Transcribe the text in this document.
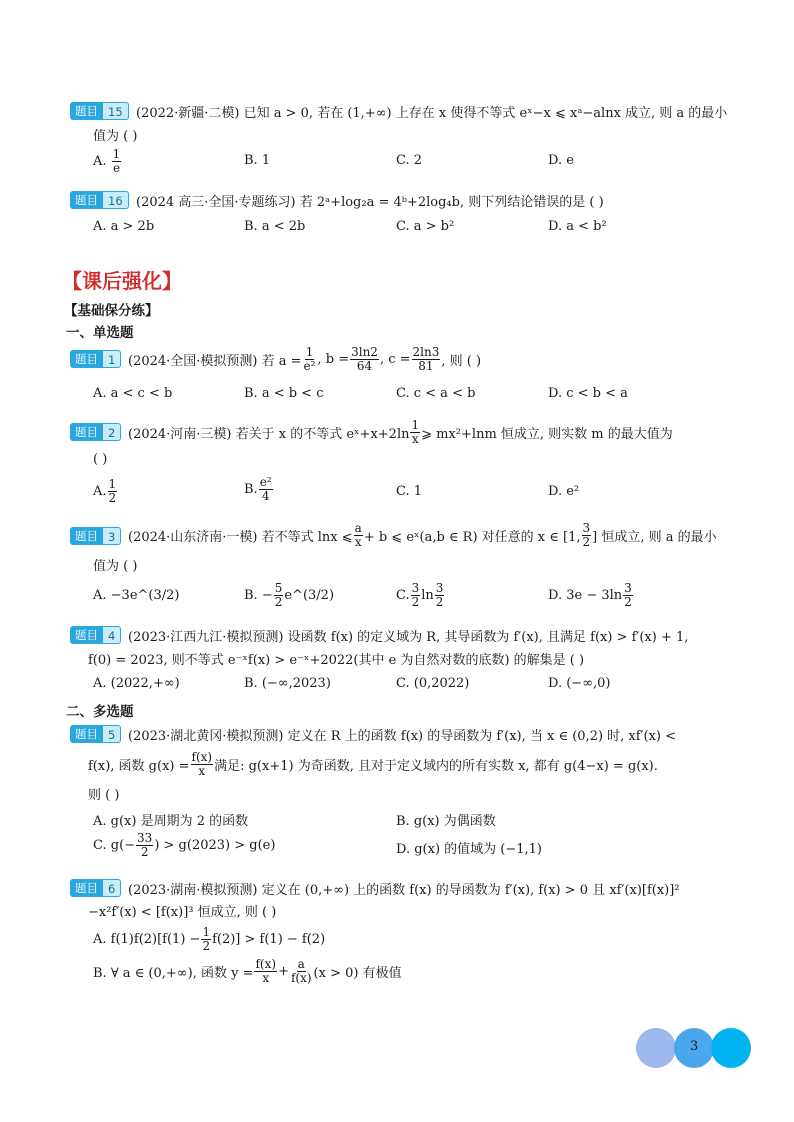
题目 15	(2022·新疆·二模) 已知 a > 0, 若在 (1,+∞) 上存在 x 使得不等式 eˣ−x ⩽ xᵃ−alnx 成立, 则 a 的最小
值为 ( )
A. $\frac{1}{e}$	B. 1	C. 2	D. e
题目 16	(2024 高三·全国·专题练习) 若 2ᵃ+log₂a = 4ᵇ+2log₄b, 则下列结论错误的是 ( )
A. a > 2b	B. a < 2b	C. a > b²	D. a < b²
【课后强化】
【基础保分练】
一、单选题
题目 1 (2024·全国·模拟预测) 若 $a = \frac{1}{\text{e²}}$ , $b = \frac{3\ln 2}{64}$ , $c = \frac{2\ln 3}{81}$ , 则 ( )
A. a < c < b	B. a < b < c	C. c < a < b	D. c < b < a
题目 2 (2024·河南·三模) 若关于 x 的不等式 eˣ+x+2ln $\frac{1}{x}$ ⩾ mx²+lnm 恒成立, 则实数 m 的最大值为
( )
A. $\frac{1}{2}$	B. $\frac{\text{e²}}{4}$	C. 1	D. e²
题目 3 (2024·山东济南·一模) 若不等式 lnx ⩽ $\frac{a}{x} + b$ ⩽ eˣ(a,b ∈ R) 对任意的 x ∈ [1, $\frac{3}{2}$ ] 恒成立, 则 a 的最小
值为 ( )
A. −3e^(3/2)	B. − $\frac{5}{2}$ e^(3/2)	C. $\frac{3}{2}$ $\ln \frac{3}{2}$	D. $3e - 3\ln \frac{3}{2}$
题目 4 (2023·江西九江·模拟预测) 设函数 f(x) 的定义域为 R, 其导函数为 f′(x), 且满足 f(x) > f′(x) + 1,
f(0) = 2023, 则不等式 e⁻ˣf(x) > e⁻ˣ+2022(其中 e 为自然对数的底数) 的解集是 ( )
A. (2022,+∞)	B. (−∞,2023)	C. (0,2022)	D. (−∞,0)
二、多选题
题目 5 (2023·湖北黄冈·模拟预测) 定义在 R 上的函数 f(x) 的导函数为 f′(x), 当 x ∈ (0,2) 时, xf′(x) <
f(x), 函数 $g(x) = \frac{f(x)}{x}$ 满足: g(x+1) 为奇函数, 且对于定义域内的所有实数 x, 都有 g(4−x) = g(x).
则 ( )
A. g(x) 是周期为 2 的函数	B. g(x) 为偶函数
C. $g(- \frac{33}{2}$ ) > g(2023) > g(e)	D. g(x) 的值域为 (−1,1)
题目 6 (2023·湖南·模拟预测) 定义在 (0,+∞) 上的函数 f(x) 的导函数为 f′(x), f(x) > 0 且 xf′(x)[f(x)]²
−x²f′(x) < [f(x)]³ 恒成立, 则 ( )
A. $f(1)f(2)[f(1) - \frac{1}{2} f(2)] > f(1) - f(2)$
B. ∀ a ∈ (0,+∞), 函数 $y = \frac{f(x)}{x} + \frac{a}{f(x)} (x > 0)$ 有极值
3
